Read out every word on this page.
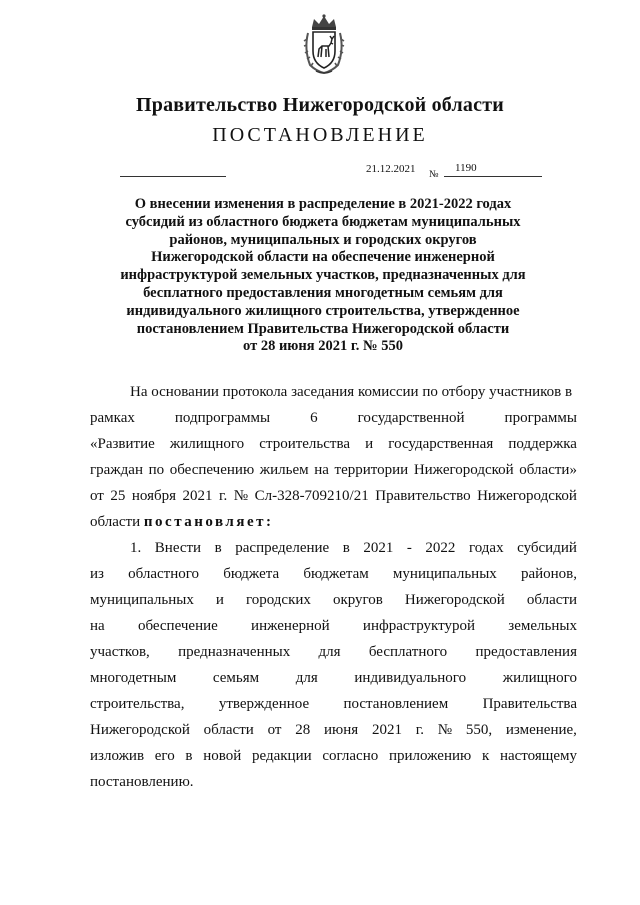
Правительство Нижегородской области
ПОСТАНОВЛЕНИЕ
21.12.2021 №
1190
О внесении изменения в распределение в 2021-2022 годах
субсидий из областного бюджета бюджетам муниципальных
районов, муниципальных и городских округов
Нижегородской области на обеспечение инженерной
инфраструктурой земельных участков, предназначенных для
бесплатного предоставления многодетным семьям для
индивидуального жилищного строительства, утвержденное
постановлением Правительства Нижегородской области
от 28 июня 2021 г. № 550
На основании протокола заседания комиссии по отбору участников в
рамках	подпрограммы	6	государственной	программы
«Развитие жилищного строительства и государственная поддержка
граждан по обеспечению жильем на территории Нижегородской области»
от 25 ноября 2021 г. № Сл-328-709210/21 Правительство Нижегородской
области постановляет:
1. Внести в распределение в 2021 - 2022 годах субсидий
из областного бюджета бюджетам муниципальных районов,
муниципальных и городских округов Нижегородской области
на обеспечение инженерной инфраструктурой земельных
участков, предназначенных для бесплатного предоставления
многодетным семьям для индивидуального жилищного
строительства, утвержденное постановлением Правительства
Нижегородской области от 28 июня 2021 г. № 550, изменение,
изложив его в новой редакции согласно приложению к настоящему
постановлению.
